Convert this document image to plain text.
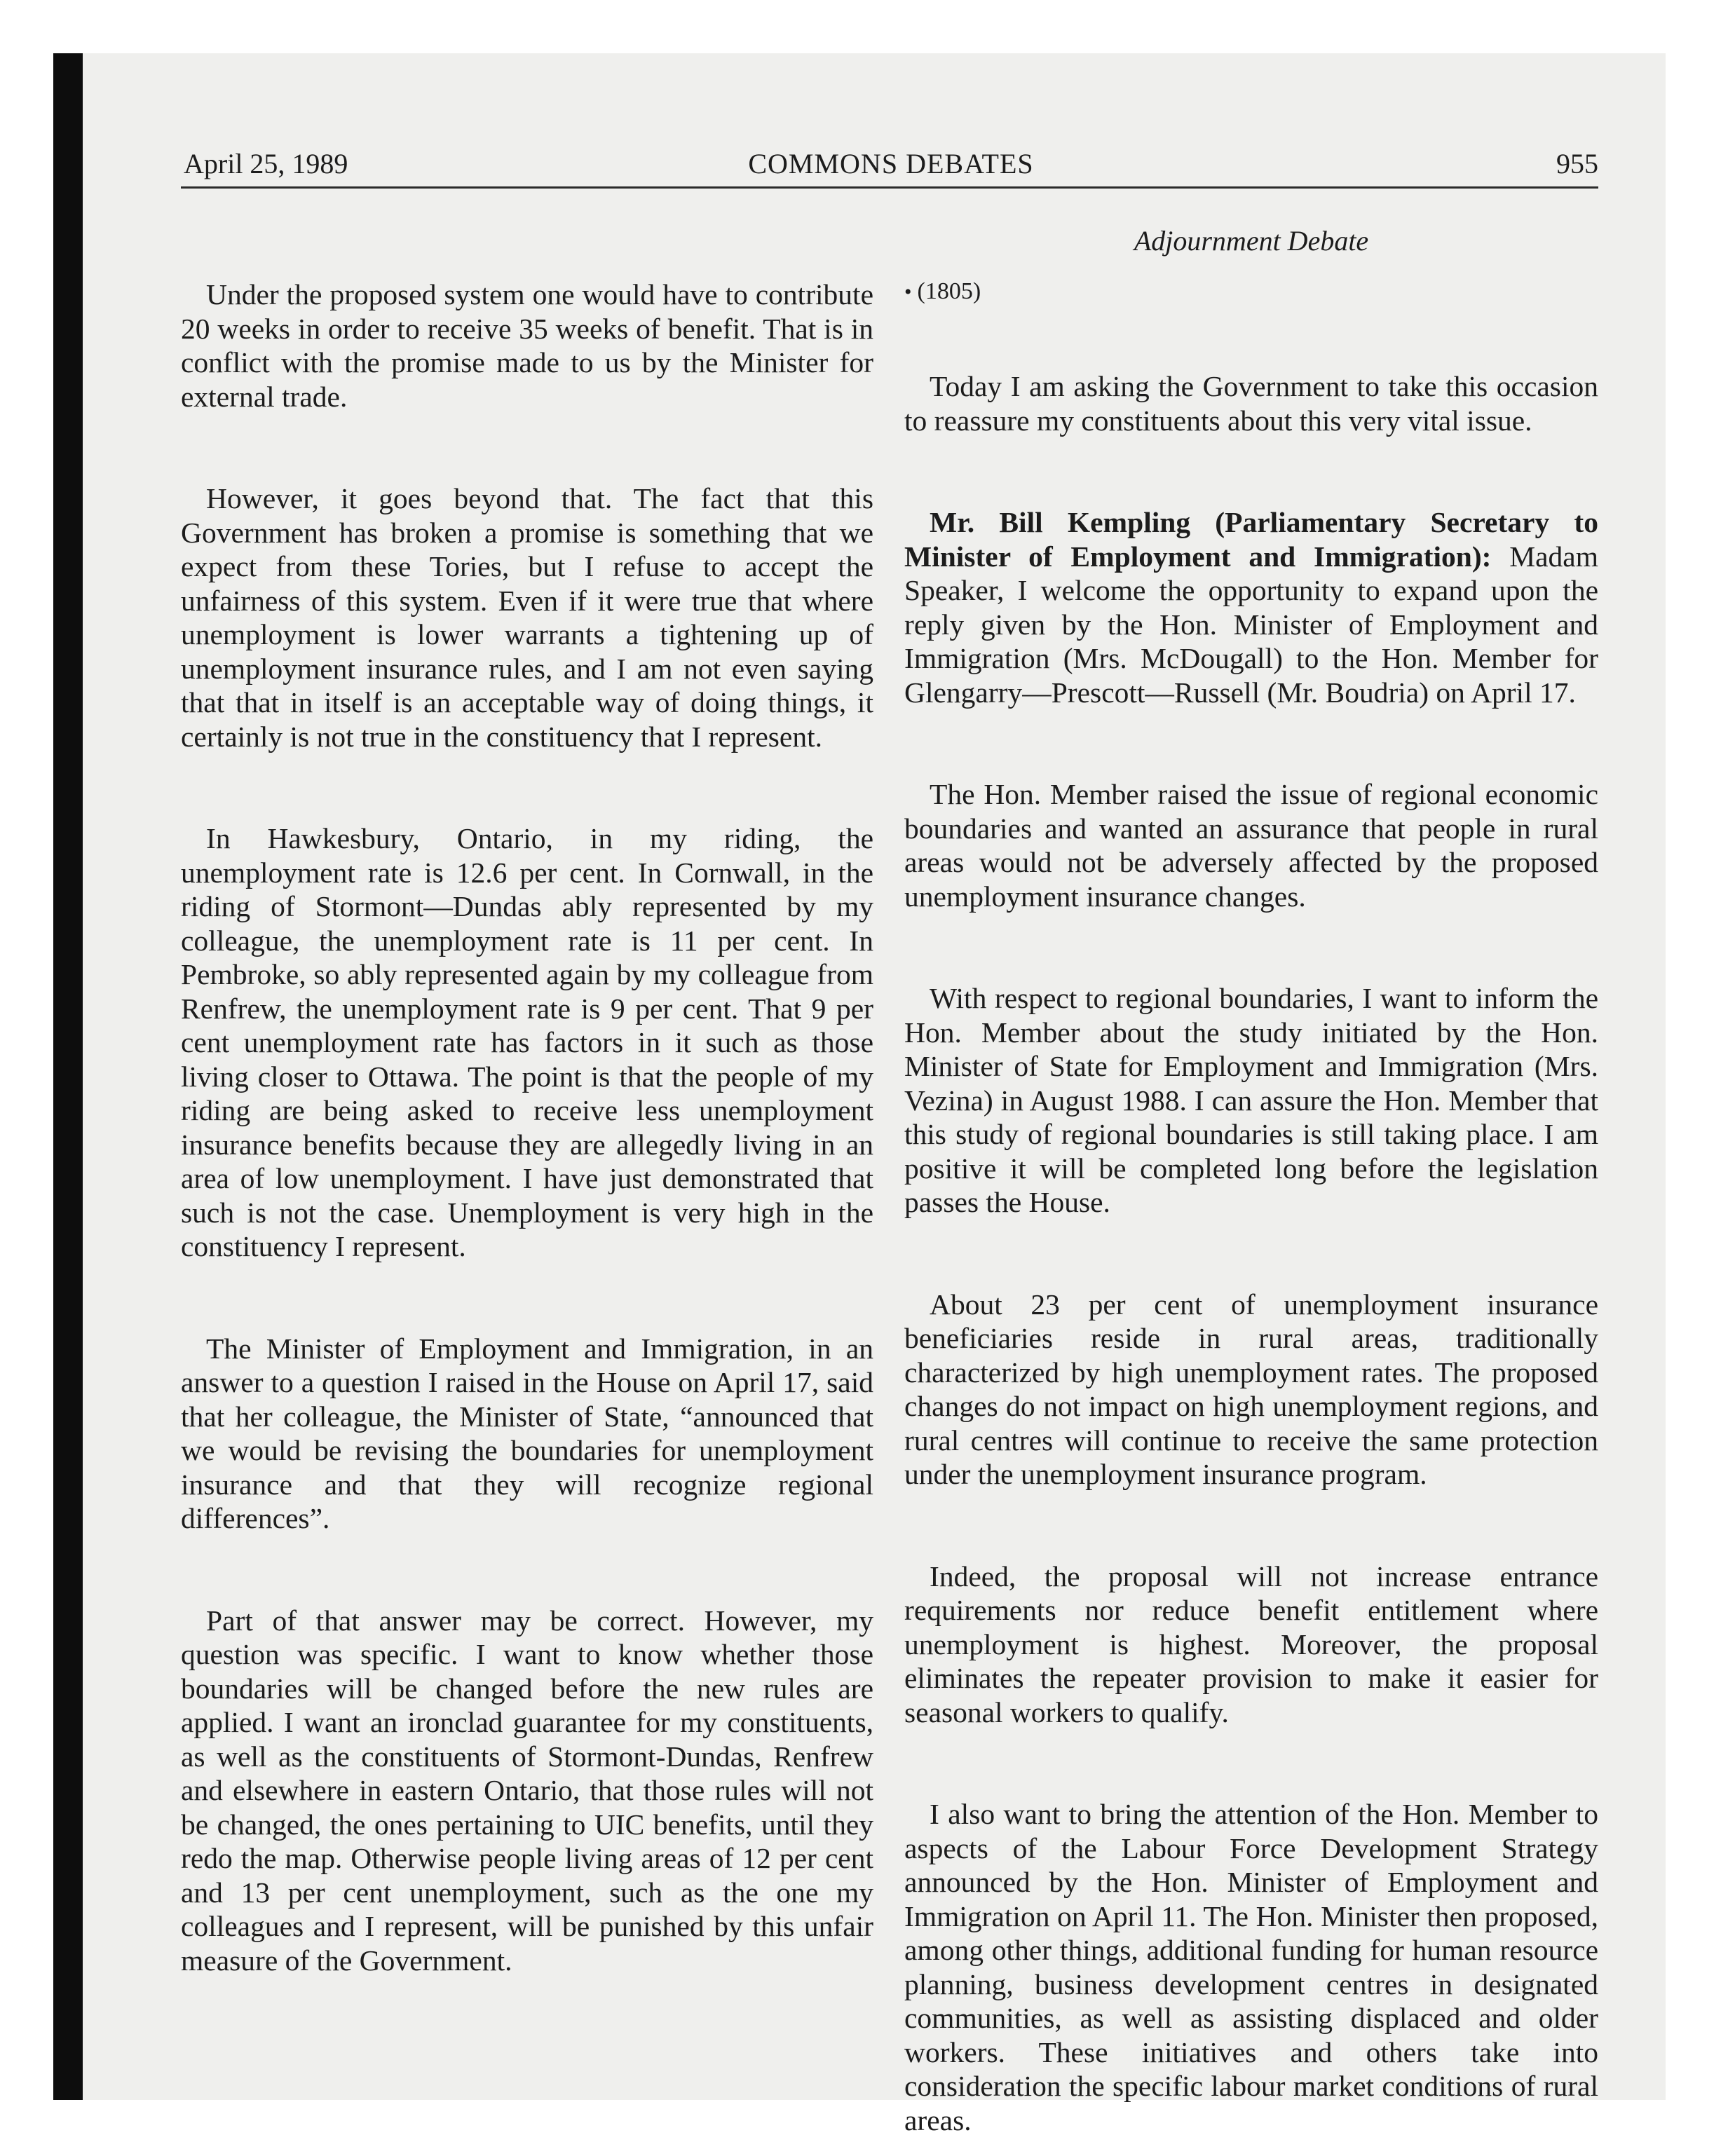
April 25, 1989	COMMONS DEBATES	955
Adjournment Debate

Under the proposed system one would have to contribute 20 weeks in order to receive 35 weeks of benefit. That is in conflict with the promise made to us by the Minister for external trade.

However, it goes beyond that. The fact that this Government has broken a promise is something that we expect from these Tories, but I refuse to accept the unfairness of this system. Even if it were true that where unemployment is lower warrants a tightening up of unemployment insurance rules, and I am not even saying that that in itself is an acceptable way of doing things, it certainly is not true in the constituency that I represent.

In Hawkesbury, Ontario, in my riding, the unemployment rate is 12.6 per cent. In Cornwall, in the riding of Stormont—Dundas ably represented by my colleague, the unemployment rate is 11 per cent. In Pembroke, so ably represented again by my colleague from Renfrew, the unemployment rate is 9 per cent. That 9 per cent unemployment rate has factors in it such as those living closer to Ottawa. The point is that the people of my riding are being asked to receive less unemployment insurance benefits because they are allegedly living in an area of low unemployment. I have just demonstrated that such is not the case. Unemployment is very high in the constituency I represent.

The Minister of Employment and Immigration, in an answer to a question I raised in the House on April 17, said that her colleague, the Minister of State, “announced that we would be revising the boundaries for unemployment insurance and that they will recognize regional differences”.

Part of that answer may be correct. However, my question was specific. I want to know whether those boundaries will be changed before the new rules are applied. I want an ironclad guarantee for my constituents, as well as the constituents of Stormont-Dundas, Renfrew and elsewhere in eastern Ontario, that those rules will not be changed, the ones pertaining to UIC benefits, until they redo the map. Otherwise people living areas of 12 per cent and 13 per cent unemployment, such as the one my colleagues and I represent, will be punished by this unfair measure of the Government.

• (1805)

Today I am asking the Government to take this occasion to reassure my constituents about this very vital issue.

Mr. Bill Kempling (Parliamentary Secretary to Minister of Employment and Immigration): Madam Speaker, I welcome the opportunity to expand upon the reply given by the Hon. Minister of Employment and Immigration (Mrs. McDougall) to the Hon. Member for Glengarry—Prescott—Russell (Mr. Boudria) on April 17.

The Hon. Member raised the issue of regional economic boundaries and wanted an assurance that people in rural areas would not be adversely affected by the proposed unemployment insurance changes.

With respect to regional boundaries, I want to inform the Hon. Member about the study initiated by the Hon. Minister of State for Employment and Immigration (Mrs. Vezina) in August 1988. I can assure the Hon. Member that this study of regional boundaries is still taking place. I am positive it will be completed long before the legislation passes the House.

About 23 per cent of unemployment insurance beneficiaries reside in rural areas, traditionally characterized by high unemployment rates. The proposed changes do not impact on high unemployment regions, and rural centres will continue to receive the same protection under the unemployment insurance program.

Indeed, the proposal will not increase entrance requirements nor reduce benefit entitlement where unemployment is highest. Moreover, the proposal eliminates the repeater provision to make it easier for seasonal workers to qualify.

I also want to bring the attention of the Hon. Member to aspects of the Labour Force Development Strategy announced by the Hon. Minister of Employment and Immigration on April 11. The Hon. Minister then proposed, among other things, additional funding for human resource planning, business development centres in designated communities, as well as assisting displaced and older workers. These initiatives and others take into consideration the specific labour market conditions of rural areas.
